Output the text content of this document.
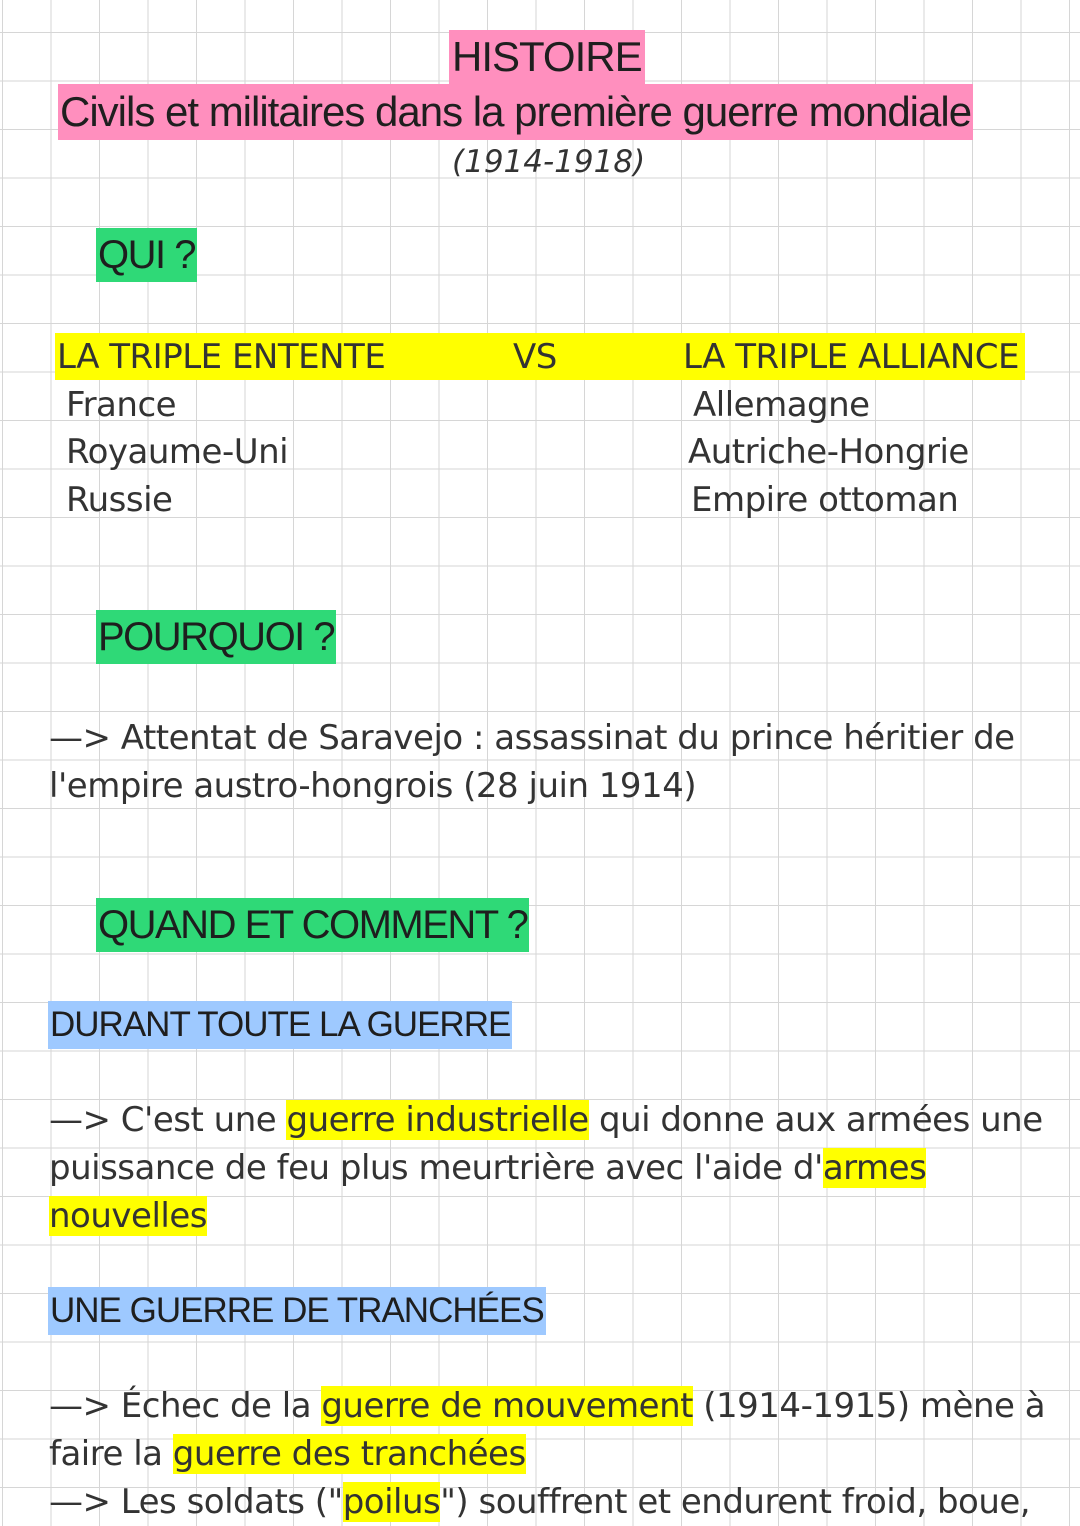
HISTOIRE
Civils et militaires dans la première guerre mondiale
(1914-1918)
QUI ?
LA TRIPLE ENTENTE	VS	LA TRIPLE ALLIANCE
France
Royaume-Uni
Russie
Allemagne
Autriche-Hongrie
Empire ottoman
POURQUOI ?
—> Attentat de Saravejo : assassinat du prince héritier de
l'empire austro-hongrois (28 juin 1914)
QUAND ET COMMENT ?
DURANT TOUTE LA GUERRE
—> C'est une guerre industrielle qui donne aux armées une
puissance de feu plus meurtrière avec l'aide d'armes
nouvelles
UNE GUERRE DE TRANCHÉES
—> Échec de la guerre de mouvement (1914-1915) mène à
faire la guerre des tranchées
—> Les soldats ("poilus") souffrent et endurent froid, boue,
